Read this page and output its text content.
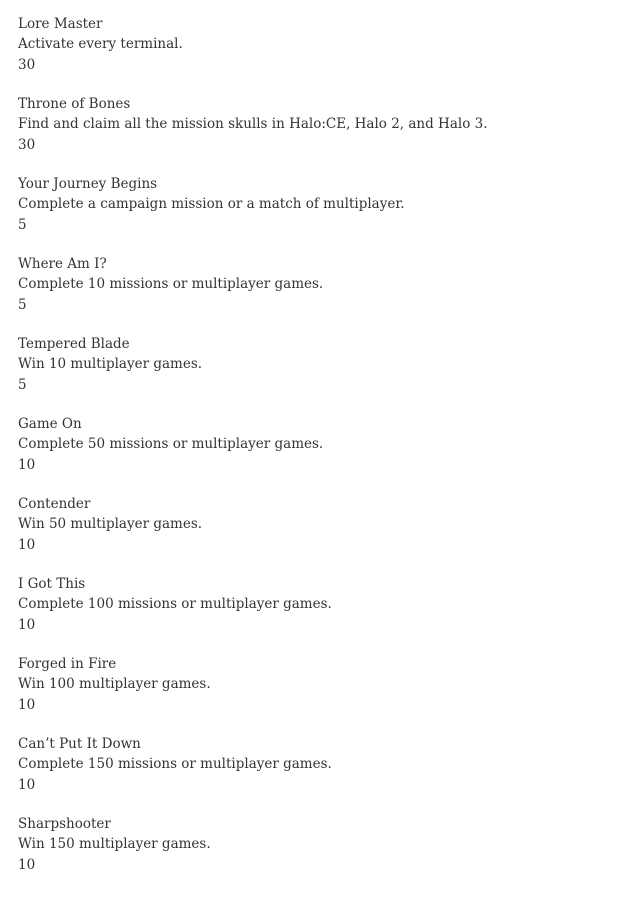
Lore Master
Activate every terminal.
30
Throne of Bones
Find and claim all the mission skulls in Halo:CE, Halo 2, and Halo 3.
30
Your Journey Begins
Complete a campaign mission or a match of multiplayer.
5
Where Am I?
Complete 10 missions or multiplayer games.
5
Tempered Blade
Win 10 multiplayer games.
5
Game On
Complete 50 missions or multiplayer games.
10
Contender
Win 50 multiplayer games.
10
I Got This
Complete 100 missions or multiplayer games.
10
Forged in Fire
Win 100 multiplayer games.
10
Can’t Put It Down
Complete 150 missions or multiplayer games.
10
Sharpshooter
Win 150 multiplayer games.
10
